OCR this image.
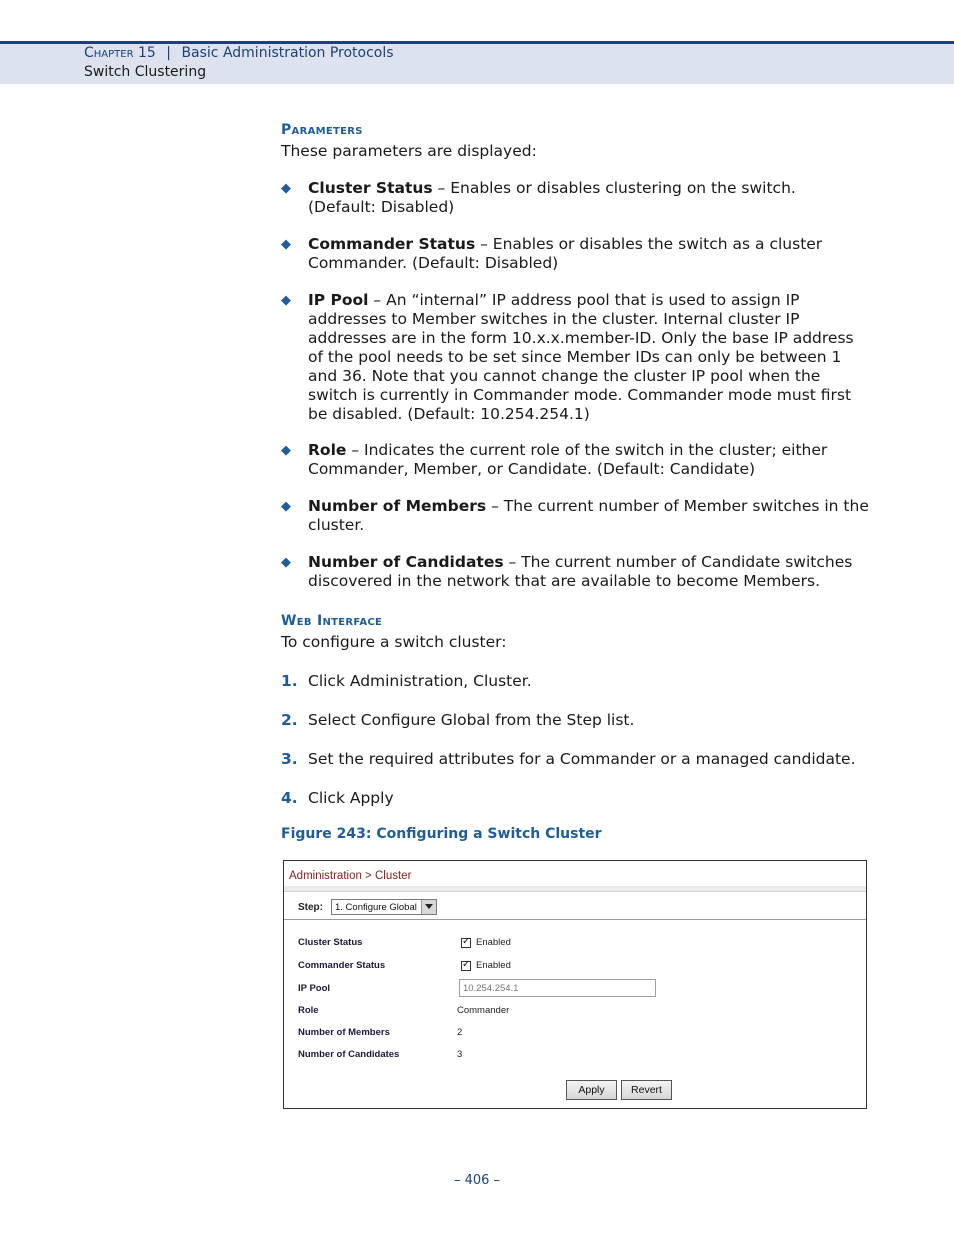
Chapter 15 | Basic Administration Protocols
Switch Clustering
Parameters
These parameters are displayed:
◆ Cluster Status – Enables or disables clustering on the switch.
(Default: Disabled)
◆ Commander Status – Enables or disables the switch as a cluster
Commander. (Default: Disabled)
◆ IP Pool – An “internal” IP address pool that is used to assign IP
addresses to Member switches in the cluster. Internal cluster IP
addresses are in the form 10.x.x.member-ID. Only the base IP address
of the pool needs to be set since Member IDs can only be between 1
and 36. Note that you cannot change the cluster IP pool when the
switch is currently in Commander mode. Commander mode must first
be disabled. (Default: 10.254.254.1)
◆ Role – Indicates the current role of the switch in the cluster; either
Commander, Member, or Candidate. (Default: Candidate)
◆ Number of Members – The current number of Member switches in the
cluster.
◆ Number of Candidates – The current number of Candidate switches
discovered in the network that are available to become Members.
Web Interface
To configure a switch cluster:
1. Click Administration, Cluster.
2. Select Configure Global from the Step list.
3. Set the required attributes for a Commander or a managed candidate.
4. Click Apply
Figure 243: Configuring a Switch Cluster
Administration > Cluster
Step: 1. Configure Global
Cluster Status ✓	Enabled
Commander Status ✓	Enabled
IP Pool	10.254.254.1
Role	Commander
Number of Members	2
Number of Candidates	3
Apply	Revert
– 406 –
